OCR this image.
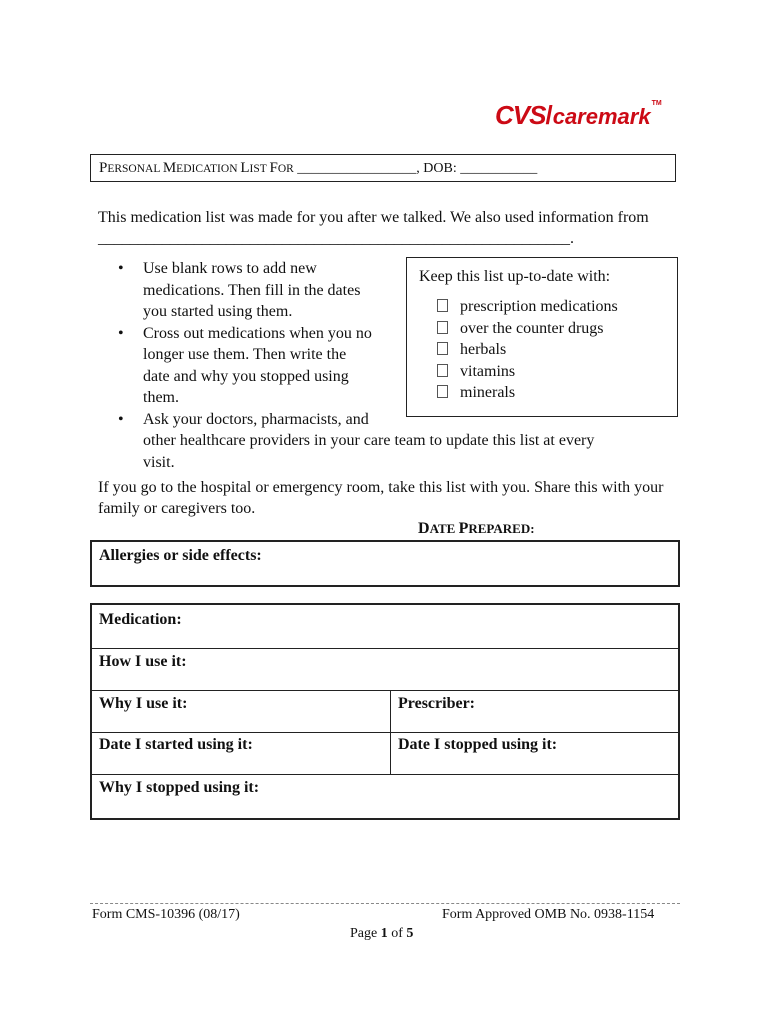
CVS/caremark™
PERSONAL MEDICATION LIST FOR _________________, DOB: ___________
This medication list was made for you after we talked. We also used information from ___________________________________________________________.
• Use blank rows to add new
medications. Then fill in the dates
you started using them.
• Cross out medications when you no
longer use them. Then write the
date and why you stopped using
them.
• Ask your doctors, pharmacists, and
other healthcare providers in your care team to update this list at every
visit.
Keep this list up-to-date with:
prescription medications
over the counter drugs
herbals
vitamins
minerals
If you go to the hospital or emergency room, take this list with you. Share this with your family or caregivers too.
DATE PREPARED:
Allergies or side effects:
Medication:
How I use it:
Why I use it:	Prescriber:
Date I started using it:	Date I stopped using it:
Why I stopped using it:
Form CMS-10396 (08/17)	Form Approved OMB No. 0938-1154
Page 1 of 5
